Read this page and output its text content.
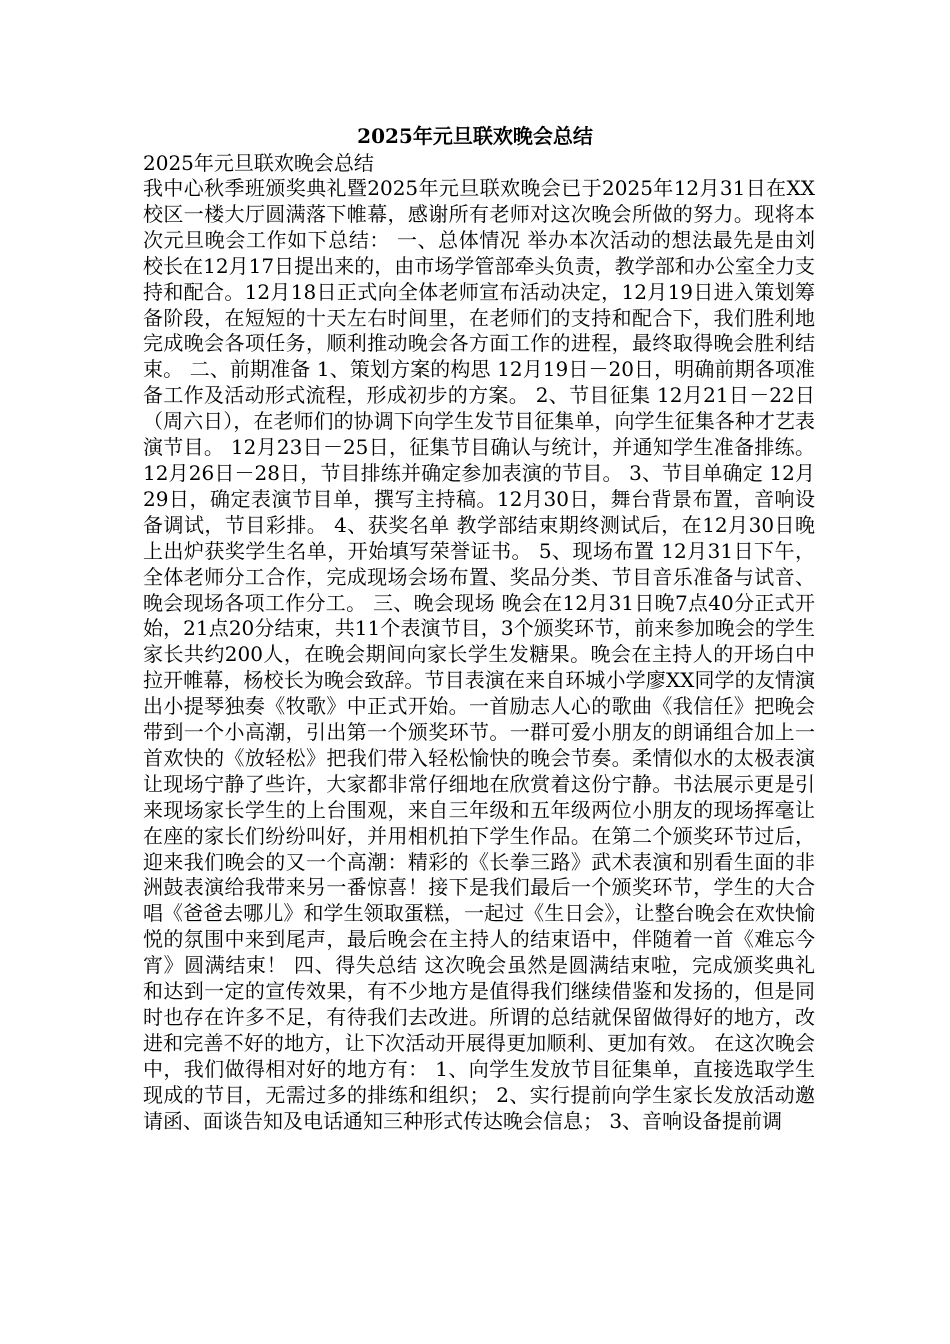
2025年元旦联欢晚会总结

2025年元旦联欢晚会总结

我中心秋季班颁奖典礼暨2025年元旦联欢晚会已于2025年12月31日在XX校区一楼大厅圆满落下帷幕，感谢所有老师对这次晚会所做的努力。现将本次元旦晚会工作如下总结： 一、总体情况 举办本次活动的想法最先是由刘校长在12月17日提出来的，由市场学管部牵头负责，教学部和办公室全力支持和配合。12月18日正式向全体老师宣布活动决定，12月19日进入策划筹备阶段，在短短的十天左右时间里，在老师们的支持和配合下，我们胜利地完成晚会各项任务，顺利推动晚会各方面工作的进程，最终取得晚会胜利结束。 二、前期准备 1、策划方案的构思 12月19日－20日，明确前期各项准备工作及活动形式流程，形成初步的方案。 2、节目征集 12月21日－22日（周六日），在老师们的协调下向学生发节目征集单，向学生征集各种才艺表演节目。 12月23日－25日，征集节目确认与统计，并通知学生准备排练。12月26日－28日，节目排练并确定参加表演的节目。 3、节目单确定 12月29日，确定表演节目单，撰写主持稿。12月30日，舞台背景布置，音响设备调试，节目彩排。 4、获奖名单 教学部结束期终测试后，在12月30日晚上出炉获奖学生名单，开始填写荣誉证书。 5、现场布置 12月31日下午，全体老师分工合作，完成现场会场布置、奖品分类、节目音乐准备与试音、晚会现场各项工作分工。 三、晚会现场 晚会在12月31日晚7点40分正式开始，21点20分结束，共11个表演节目，3个颁奖环节，前来参加晚会的学生家长共约200人，在晚会期间向家长学生发糖果。晚会在主持人的开场白中拉开帷幕，杨校长为晚会致辞。节目表演在来自环城小学廖XX同学的友情演出小提琴独奏《牧歌》中正式开始。一首励志人心的歌曲《我信任》把晚会带到一个小高潮，引出第一个颁奖环节。一群可爱小朋友的朗诵组合加上一首欢快的《放轻松》把我们带入轻松愉快的晚会节奏。柔情似水的太极表演让现场宁静了些许，大家都非常仔细地在欣赏着这份宁静。书法展示更是引来现场家长学生的上台围观，来自三年级和五年级两位小朋友的现场挥毫让在座的家长们纷纷叫好，并用相机拍下学生作品。在第二个颁奖环节过后，迎来我们晚会的又一个高潮：精彩的《长拳三路》武术表演和别看生面的非洲鼓表演给我带来另一番惊喜！接下是我们最后一个颁奖环节，学生的大合唱《爸爸去哪儿》和学生领取蛋糕，一起过《生日会》，让整台晚会在欢快愉悦的氛围中来到尾声，最后晚会在主持人的结束语中，伴随着一首《难忘今宵》圆满结束！ 四、得失总结 这次晚会虽然是圆满结束啦，完成颁奖典礼和达到一定的宣传效果，有不少地方是值得我们继续借鉴和发扬的，但是同时也存在许多不足，有待我们去改进。所谓的总结就保留做得好的地方，改进和完善不好的地方，让下次活动开展得更加顺利、更加有效。 在这次晚会中，我们做得相对好的地方有： 1、向学生发放节目征集单，直接选取学生现成的节目，无需过多的排练和组织； 2、实行提前向学生家长发放活动邀请函、面谈告知及电话通知三种形式传达晚会信息； 3、音响设备提前调
